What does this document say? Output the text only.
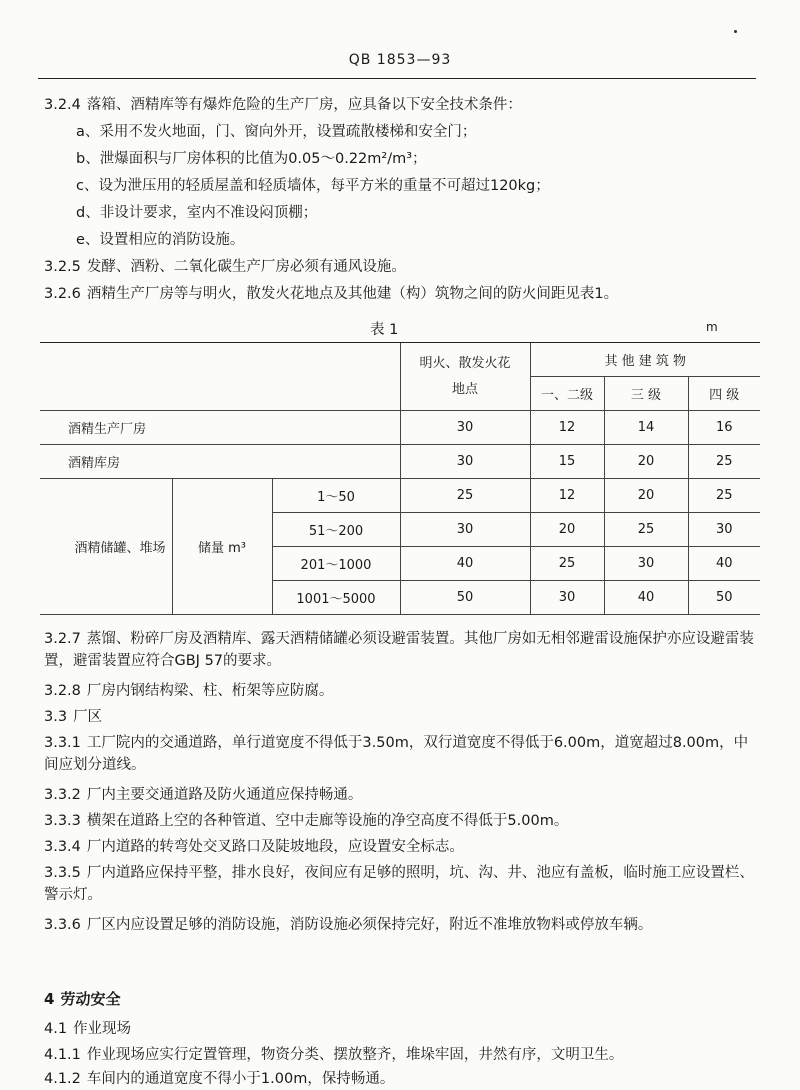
QB 1853—93
3.2.4 落箱、酒精库等有爆炸危险的生产厂房，应具备以下安全技术条件：
a、采用不发火地面，门、窗向外开，设置疏散楼梯和安全门；
b、泄爆面积与厂房体积的比值为0.05～0.22m²/m³；
c、设为泄压用的轻质屋盖和轻质墙体，每平方米的重量不可超过120kg；
d、非设计要求，室内不准设闷顶棚；
e、设置相应的消防设施。
3.2.5 发酵、酒粉、二氧化碳生产厂房必须有通风设施。
3.2.6 酒精生产厂房等与明火，散发火花地点及其他建（构）筑物之间的防火间距见表1。
表 1	m
			明火、散发火花地点	其 他 建 筑 物		
				一、二级	三 级	四 级
酒精生产厂房			30	12	14	16
酒精库房			30	15	20	25
酒精储罐、堆场	储量 m³	1～50	25	12	20	25
		51～200	30	20	25	30
		201～1000	40	25	30	40
		1001～5000	50	30	40	50
3.2.7 蒸馏、粉碎厂房及酒精库、露天酒精储罐必须设避雷装置。其他厂房如无相邻避雷设施保护亦应设避雷装置，避雷装置应符合GBJ 57的要求。
3.2.8 厂房内钢结构梁、柱、桁架等应防腐。
3.3 厂区
3.3.1 工厂院内的交通道路，单行道宽度不得低于3.50m，双行道宽度不得低于6.00m，道宽超过8.00m，中间应划分道线。
3.3.2 厂内主要交通道路及防火通道应保持畅通。
3.3.3 横架在道路上空的各种管道、空中走廊等设施的净空高度不得低于5.00m。
3.3.4 厂内道路的转弯处交叉路口及陡坡地段，应设置安全标志。
3.3.5 厂内道路应保持平整，排水良好，夜间应有足够的照明，坑、沟、井、池应有盖板，临时施工应设置栏、警示灯。
3.3.6 厂区内应设置足够的消防设施，消防设施必须保持完好，附近不准堆放物料或停放车辆。
4 劳动安全
4.1 作业现场
4.1.1 作业现场应实行定置管理，物资分类、摆放整齐，堆垛牢固，井然有序，文明卫生。
4.1.2 车间内的通道宽度不得小于1.00m，保持畅通。
